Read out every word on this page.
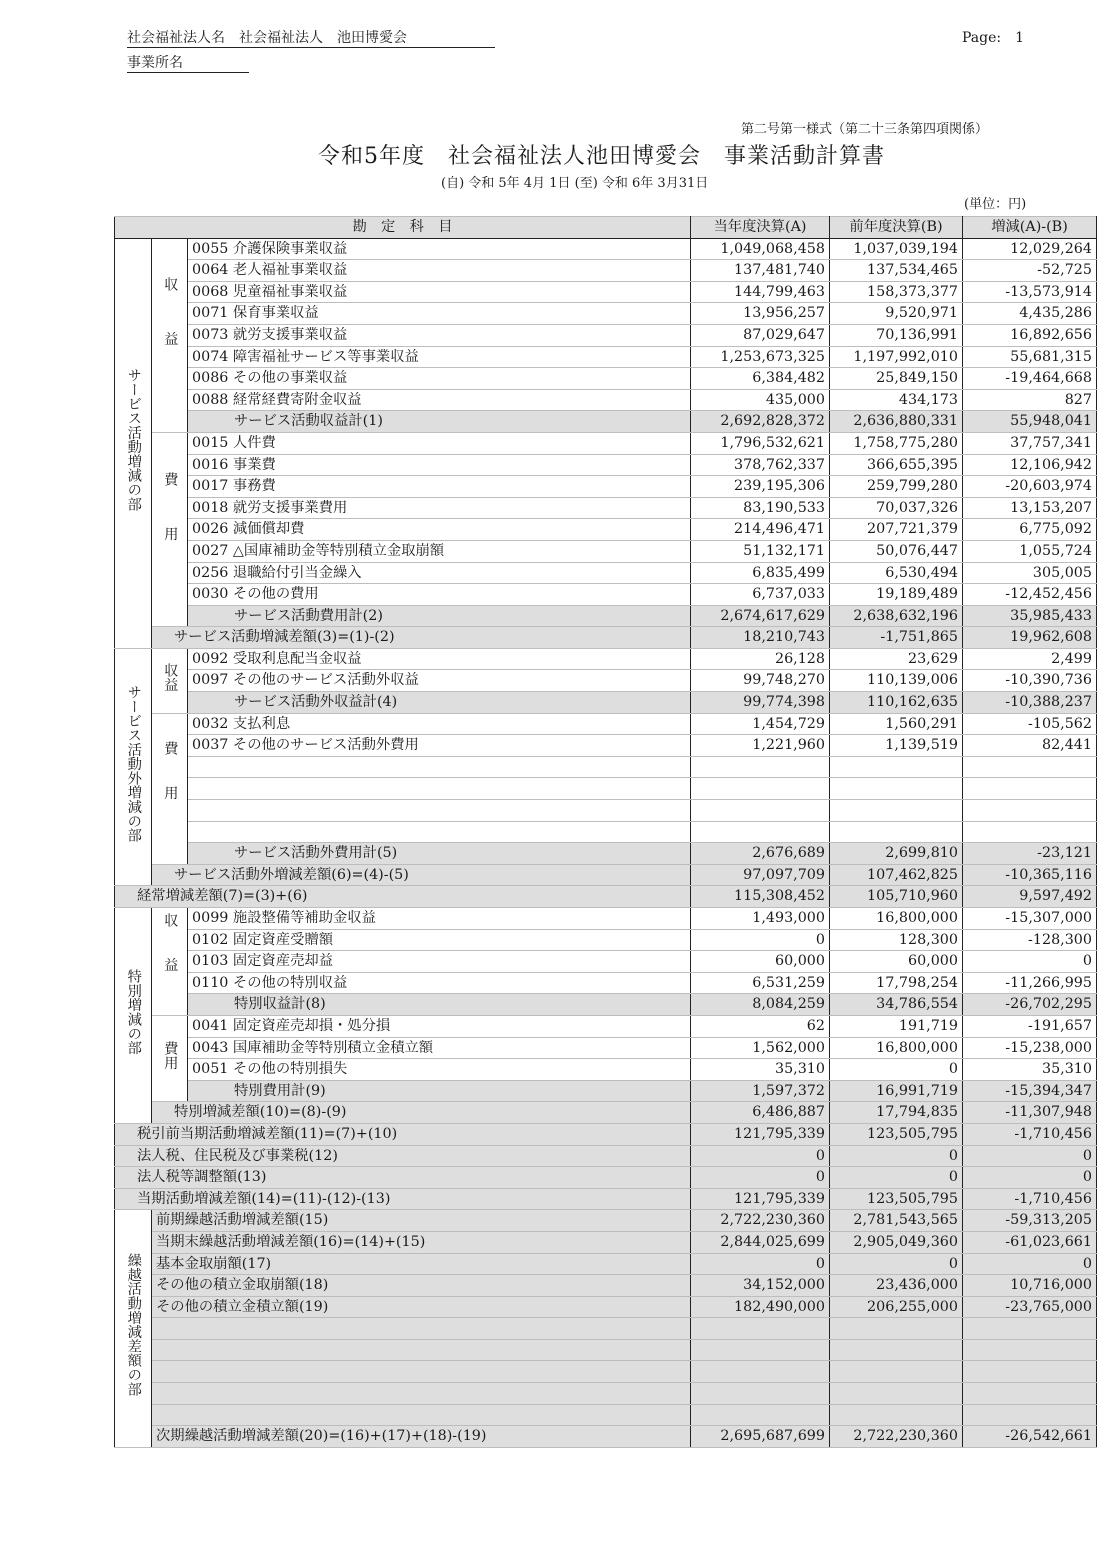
社会福祉法人名　社会福祉法人　池田博愛会
事業所名
Page:　1
第二号第一様式（第二十三条第四項関係）
令和5年度　社会福祉法人池田博愛会　事業活動計算書
(自) 令和 5年 4月 1日 (至) 令和 6年 3月31日
(単位：円)
勘　定　科　目			当年度決算(A)	前年度決算(B)	増減(A)-(B)
サービス活動増減の部	収益	0055 介護保険事業収益	1,049,068,458	1,037,039,194	12,029,264
		0064 老人福祉事業収益	137,481,740	137,534,465	-52,725
		0068 児童福祉事業収益	144,799,463	158,373,377	-13,573,914
		0071 保育事業収益	13,956,257	9,520,971	4,435,286
		0073 就労支援事業収益	87,029,647	70,136,991	16,892,656
		0074 障害福祉サービス等事業収益	1,253,673,325	1,197,992,010	55,681,315
		0086 その他の事業収益	6,384,482	25,849,150	-19,464,668
		0088 経常経費寄附金収益	435,000	434,173	827
		サービス活動収益計(1)	2,692,828,372	2,636,880,331	55,948,041
	費用	0015 人件費	1,796,532,621	1,758,775,280	37,757,341
		0016 事業費	378,762,337	366,655,395	12,106,942
		0017 事務費	239,195,306	259,799,280	-20,603,974
		0018 就労支援事業費用	83,190,533	70,037,326	13,153,207
		0026 減価償却費	214,496,471	207,721,379	6,775,092
		0027 △国庫補助金等特別積立金取崩額	51,132,171	50,076,447	1,055,724
		0256 退職給付引当金繰入	6,835,499	6,530,494	305,005
		0030 その他の費用	6,737,033	19,189,489	-12,452,456
		サービス活動費用計(2)	2,674,617,629	2,638,632,196	35,985,433
	サービス活動増減差額(3)=(1)-(2)		18,210,743	-1,751,865	19,962,608
サービス活動外増減の部	収益	0092 受取利息配当金収益	26,128	23,629	2,499
		0097 その他のサービス活動外収益	99,748,270	110,139,006	-10,390,736
		サービス活動外収益計(4)	99,774,398	110,162,635	-10,388,237
	費用	0032 支払利息	1,454,729	1,560,291	-105,562
		0037 その他のサービス活動外費用	1,221,960	1,139,519	82,441

		サービス活動外費用計(5)	2,676,689	2,699,810	-23,121
	サービス活動外増減差額(6)=(4)-(5)		97,097,709	107,462,825	-10,365,116
経常増減差額(7)=(3)+(6)			115,308,452	105,710,960	9,597,492
特別増減の部	収益	0099 施設整備等補助金収益	1,493,000	16,800,000	-15,307,000
		0102 固定資産受贈額	0	128,300	-128,300
		0103 固定資産売却益	60,000	60,000	0
		0110 その他の特別収益	6,531,259	17,798,254	-11,266,995
		特別収益計(8)	8,084,259	34,786,554	-26,702,295
	費用	0041 固定資産売却損・処分損	62	191,719	-191,657
		0043 国庫補助金等特別積立金積立額	1,562,000	16,800,000	-15,238,000
		0051 その他の特別損失	35,310	0	35,310
		特別費用計(9)	1,597,372	16,991,719	-15,394,347
	特別増減差額(10)=(8)-(9)		6,486,887	17,794,835	-11,307,948
税引前当期活動増減差額(11)=(7)+(10)			121,795,339	123,505,795	-1,710,456
法人税、住民税及び事業税(12)			0	0	0
法人税等調整額(13)			0	0	0
当期活動増減差額(14)=(11)-(12)-(13)			121,795,339	123,505,795	-1,710,456
繰越活動増減差額の部	前期繰越活動増減差額(15)		2,722,230,360	2,781,543,565	-59,313,205
	当期末繰越活動増減差額(16)=(14)+(15)		2,844,025,699	2,905,049,360	-61,023,661
	基本金取崩額(17)		0	0	0
	その他の積立金取崩額(18)		34,152,000	23,436,000	10,716,000
	その他の積立金積立額(19)		182,490,000	206,255,000	-23,765,000

	次期繰越活動増減差額(20)=(16)+(17)+(18)-(19)		2,695,687,699	2,722,230,360	-26,542,661
